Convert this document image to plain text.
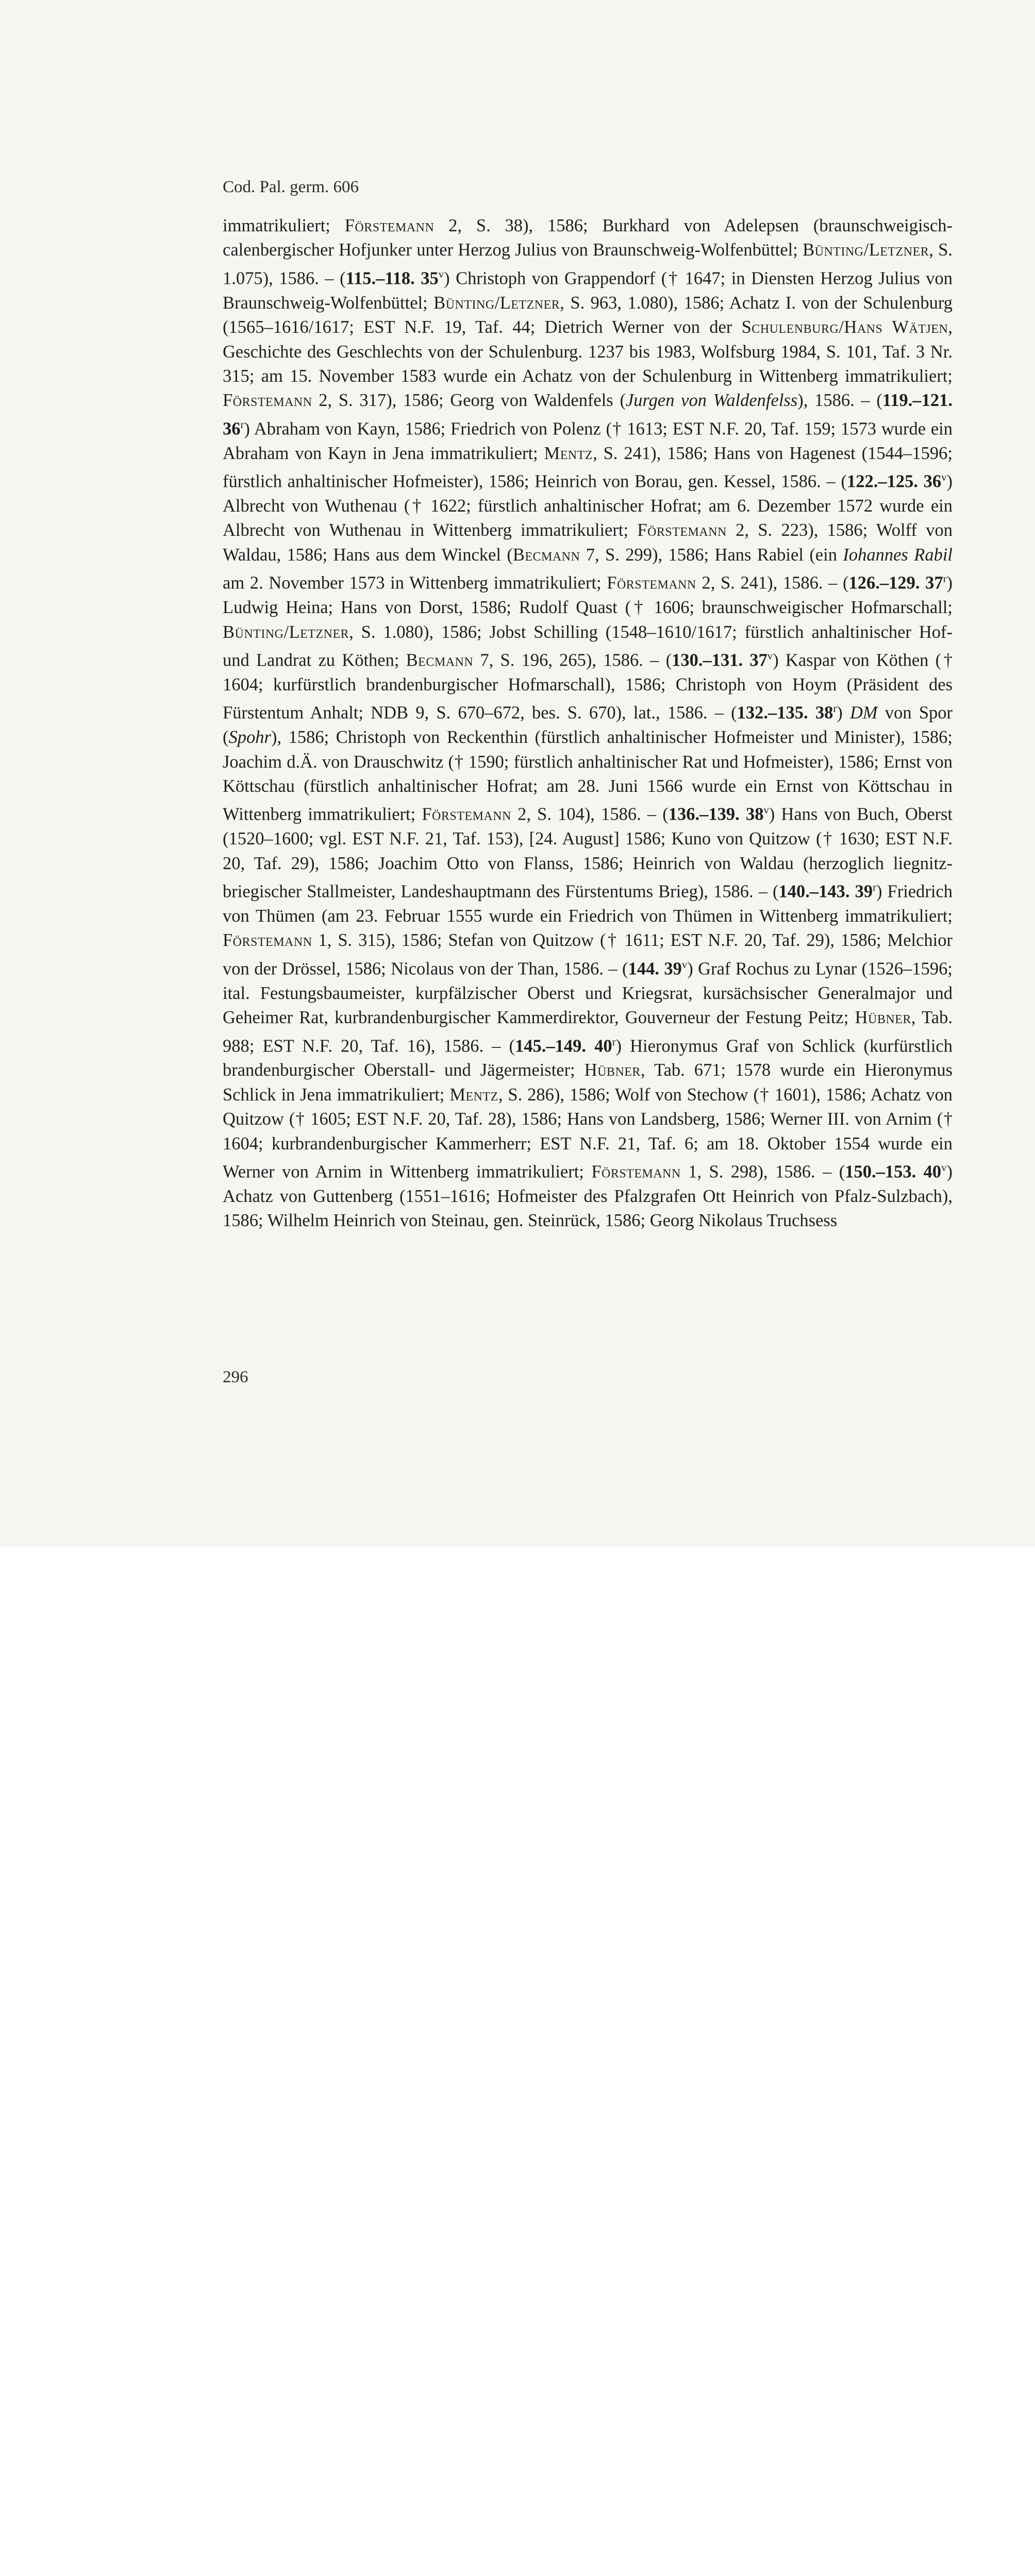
Cod. Pal. germ. 606
immatrikuliert; Förstemann 2, S. 38), 1586; Burkhard von Adelepsen (braunschweigisch-calenbergischer Hofjunker unter Herzog Julius von Braunschweig-Wolfenbüttel; Bünting/Letzner, S. 1.075), 1586. – (115.–118. 35$^v$) Christoph von Grappendorf († 1647; in Diensten Herzog Julius von Braunschweig-Wolfenbüttel; Bünting/Letzner, S. 963, 1.080), 1586; Achatz I. von der Schulenburg (1565–1616/1617; EST N.F. 19, Taf. 44; Dietrich Werner von der Schulenburg/Hans Wätjen, Geschichte des Geschlechts von der Schulenburg. 1237 bis 1983, Wolfsburg 1984, S. 101, Taf. 3 Nr. 315; am 15. November 1583 wurde ein Achatz von der Schulenburg in Wittenberg immatrikuliert; Förstemann 2, S. 317), 1586; Georg von Waldenfels (Jurgen von Waldenfelss), 1586. – (119.–121. 36$^r$) Abraham von Kayn, 1586; Friedrich von Polenz († 1613; EST N.F. 20, Taf. 159; 1573 wurde ein Abraham von Kayn in Jena immatrikuliert; Mentz, S. 241), 1586; Hans von Hagenest (1544–1596; fürstlich anhaltinischer Hofmeister), 1586; Heinrich von Borau, gen. Kessel, 1586. – (122.–125. 36$^v$) Albrecht von Wuthenau († 1622; fürstlich anhaltinischer Hofrat; am 6. Dezember 1572 wurde ein Albrecht von Wuthenau in Wittenberg immatrikuliert; Förstemann 2, S. 223), 1586; Wolff von Waldau, 1586; Hans aus dem Winckel (Becmann 7, S. 299), 1586; Hans Rabiel (ein Iohannes Rabil am 2. November 1573 in Wittenberg immatrikuliert; Förstemann 2, S. 241), 1586. – (126.–129. 37$^r$) Ludwig Heina; Hans von Dorst, 1586; Rudolf Quast († 1606; braunschweigischer Hofmarschall; Bünting/Letzner, S. 1.080), 1586; Jobst Schilling (1548–1610/1617; fürstlich anhaltinischer Hof- und Landrat zu Köthen; Becmann 7, S. 196, 265), 1586. – (130.–131. 37$^v$) Kaspar von Köthen († 1604; kurfürstlich brandenburgischer Hofmarschall), 1586; Christoph von Hoym (Präsident des Fürstentum Anhalt; NDB 9, S. 670–672, bes. S. 670), lat., 1586. – (132.–135. 38$^r$) DM von Spor (Spohr), 1586; Christoph von Reckenthin (fürstlich anhaltinischer Hofmeister und Minister), 1586; Joachim d.Ä. von Drauschwitz († 1590; fürstlich anhaltinischer Rat und Hofmeister), 1586; Ernst von Köttschau (fürstlich anhaltinischer Hofrat; am 28. Juni 1566 wurde ein Ernst von Köttschau in Wittenberg immatrikuliert; Förstemann 2, S. 104), 1586. – (136.–139. 38$^v$) Hans von Buch, Oberst (1520–1600; vgl. EST N.F. 21, Taf. 153), [24. August] 1586; Kuno von Quitzow († 1630; EST N.F. 20, Taf. 29), 1586; Joachim Otto von Flanss, 1586; Heinrich von Waldau (herzoglich liegnitz-briegischer Stallmeister, Landeshauptmann des Fürstentums Brieg), 1586. – (140.–143. 39$^r$) Friedrich von Thümen (am 23. Februar 1555 wurde ein Friedrich von Thümen in Wittenberg immatrikuliert; Förstemann 1, S. 315), 1586; Stefan von Quitzow († 1611; EST N.F. 20, Taf. 29), 1586; Melchior von der Drössel, 1586; Nicolaus von der Than, 1586. – (144. 39$^v$) Graf Rochus zu Lynar (1526–1596; ital. Festungsbaumeister, kurpfälzischer Oberst und Kriegsrat, kursächsischer Generalmajor und Geheimer Rat, kurbrandenburgischer Kammerdirektor, Gouverneur der Festung Peitz; Hübner, Tab. 988; EST N.F. 20, Taf. 16), 1586. – (145.–149. 40$^r$) Hieronymus Graf von Schlick (kurfürstlich brandenburgischer Oberstall- und Jägermeister; Hübner, Tab. 671; 1578 wurde ein Hieronymus Schlick in Jena immatrikuliert; Mentz, S. 286), 1586; Wolf von Stechow († 1601), 1586; Achatz von Quitzow († 1605; EST N.F. 20, Taf. 28), 1586; Hans von Landsberg, 1586; Werner III. von Arnim († 1604; kurbrandenburgischer Kammerherr; EST N.F. 21, Taf. 6; am 18. Oktober 1554 wurde ein Werner von Arnim in Wittenberg immatrikuliert; Förstemann 1, S. 298), 1586. – (150.–153. 40$^v$) Achatz von Guttenberg (1551–1616; Hofmeister des Pfalzgrafen Ott Heinrich von Pfalz-Sulzbach), 1586; Wilhelm Heinrich von Steinau, gen. Steinrück, 1586; Georg Nikolaus Truchsess
296
